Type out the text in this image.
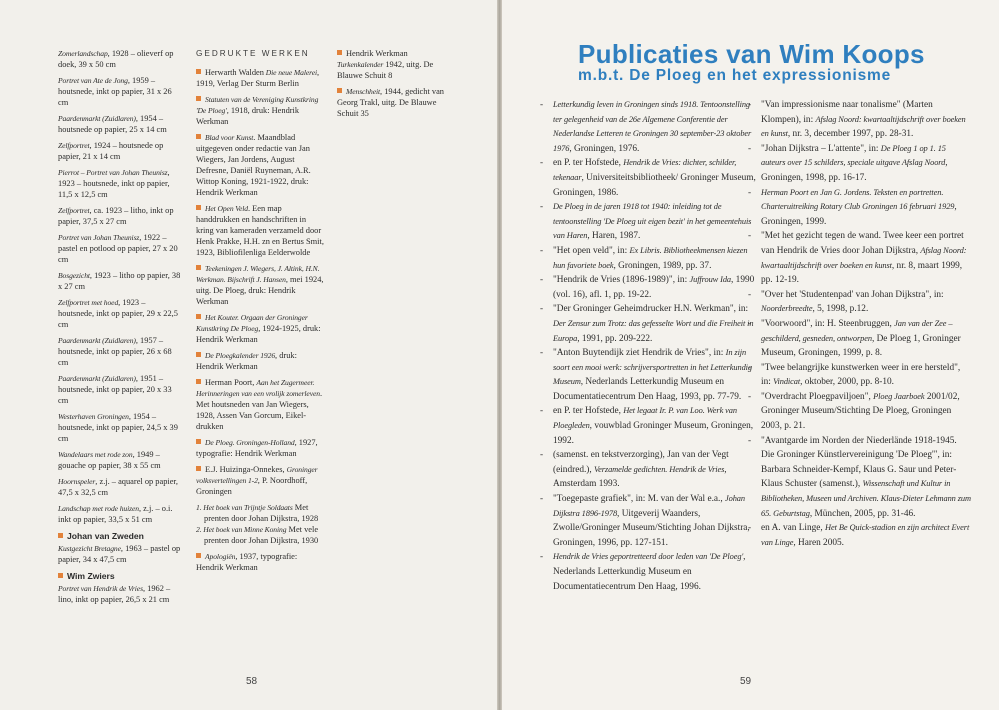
Zomerlandschap, 1928 – olieverf op doek, 39 x 50 cm
Portret van Ate de Jong, 1959 – houtsnede, inkt op papier, 31 x 26 cm
Paardenmarkt (Zuidlaren), 1954 – houtsnede op papier, 25 x 14 cm
Zelfportret, 1924 – houtsnede op papier, 21 x 14 cm
Pierrot – Portret van Johan Theunisz, 1923 – houtsnede, inkt op papier, 11,5 x 12,5 cm
Zelfportret, ca. 1923 – litho, inkt op papier, 37,5 x 27 cm
Portret van Johan Theunisz, 1922 – pastel en potlood op papier, 27 x 20 cm
Bosgezicht, 1923 – litho op papier, 38 x 27 cm
Zelfportret met hoed, 1923 – houtsnede, inkt op papier, 29 x 22,5 cm
Paardenmarkt (Zuidlaren), 1957 – houtsnede, inkt op papier, 26 x 68 cm
Paardenmarkt (Zuidlaren), 1951 – houtsnede, inkt op papier, 20 x 33 cm
Westerhaven Groningen, 1954 – houtsnede, inkt op papier, 24,5 x 39 cm
Wandelaars met rode zon, 1949 – gouache op papier, 38 x 55 cm
Hoornspeler, z.j. – aquarel op papier, 47,5 x 32,5 cm
Landschap met rode huizen, z.j. – o.i. inkt op papier, 33,5 x 51 cm
Johan van Zweden
Kustgezicht Bretagne, 1963 – pastel op papier, 34 x 47,5 cm
Wim Zwiers
Portret van Hendrik de Vries, 1962 – lino, inkt op papier, 26,5 x 21 cm
GEDRUKTE WERKEN
Herwarth Walden Die neue Malerei, 1919, Verlag Der Sturm Berlin
Statuten van de Vereniging Kunstkring 'De Ploeg', 1918, druk: Hendrik Werkman
Blad voor Kunst. Maandblad uitgegeven onder redactie van Jan Wiegers, Jan Jordens, August Defresne, Daniël Ruyneman, A.R. Wittop Koning, 1921-1922, druk: Hendrik Werkman
Het Open Veld. Een map handdrukken en handschriften in kring van kameraden verzameld door Henk Prakke, H.H. zn en Bertus Smit, 1923, Bibliofilenliga Eelderwolde
Teekeningen J. Wiegers, J. Altink, H.N. Werkman. Bijschrift J. Hansen, mei 1924, uitg. De Ploeg, druk: Hendrik Werkman
Het Kouter. Orgaan der Groninger Kunstkring De Ploeg, 1924-1925, druk: Hendrik Werkman
De Ploegkalender 1926, druk: Hendrik Werkman
Herman Poort, Aan het Zugermeer. Herinneringen van een vrolijk zomerleven. Met houtsneden van Jan Wiegers, 1928, Assen Van Gorcum, Eikel-drukken
De Ploeg. Groningen-Holland, 1927, typografie: Hendrik Werkman
E.J. Huizinga-Onnekes, Groninger volksvertellingen 1-2, P. Noordhoff, Groningen
1. Het boek van Trijntje Soldaats Met prenten door Johan Dijkstra, 1928
2. Het boek van Minne Koning Met vele prenten door Johan Dijkstra, 1930
Apologiën, 1937, typografie: Hendrik Werkman
Hendrik Werkman Turkenkalender 1942, uitg. De Blauwe Schuit 8
Menschheit, 1944, gedicht van Georg Trakl, uitg. De Blauwe Schuit 35
58
Publicaties van Wim Koops
m.b.t. De Ploeg en het expressionisme
- Letterkundig leven in Groningen sinds 1918. Tentoonstelling ter gelegenheid van de 26e Algemene Conferentie der Nederlandse Letteren te Groningen 30 september-23 oktober 1976, Groningen, 1976.
- en P. ter Hofstede, Hendrik de Vries: dichter, schilder, tekenaar, Universiteitsbibliotheek/ Groninger Museum, Groningen, 1986.
- De Ploeg in de jaren 1918 tot 1940: inleiding tot de tentoonstelling 'De Ploeg uit eigen bezit' in het gemeentehuis van Haren, Haren, 1987.
- "Het open veld", in: Ex Libris. Bibliotheekmensen kiezen hun favoriete boek, Groningen, 1989, pp. 37.
- "Hendrik de Vries (1896-1989)", in: Juffrouw Ida, 1990 (vol. 16), afl. 1, pp. 19-22.
- "Der Groninger Geheimdrucker H.N. Werkman", in: Der Zensur zum Trotz: das gefesselte Wort und die Freiheit in Europa, 1991, pp. 209-222.
- "Anton Buytendijk ziet Hendrik de Vries", in: In zijn soort een mooi werk: schrijversportretten in het Letterkundig Museum, Nederlands Letterkundig Museum en Documentatiecentrum Den Haag, 1993, pp. 77-79.
- en P. ter Hofstede, Het legaat Ir. P. van Loo. Werk van Ploegleden, vouwblad Groninger Museum, Groningen, 1992.
- (samenst. en tekstverzorging), Jan van der Vegt (eindred.), Verzamelde gedichten. Hendrik de Vries, Amsterdam 1993.
- "Toegepaste grafiek", in: M. van der Wal e.a., Johan Dijkstra 1896-1978, Uitgeverij Waanders, Zwolle/Groninger Museum/Stichting Johan Dijkstra, Groningen, 1996, pp. 127-151.
- Hendrik de Vries geportretteerd door leden van 'De Ploeg', Nederlands Letterkundig Museum en Documentatiecentrum Den Haag, 1996.
- "Van impressionisme naar tonalisme" (Marten Klompen), in: Afslag Noord: kwartaaltijdschrift over boeken en kunst, nr. 3, december 1997, pp. 28-31.
- "Johan Dijkstra – L'attente", in: De Ploeg 1 op 1. 15 auteurs over 15 schilders, speciale uitgave Afslag Noord, Groningen, 1998, pp. 16-17.
- Herman Poort en Jan G. Jordens. Teksten en portretten. Charteruitreiking Rotary Club Groningen 16 februari 1929, Groningen, 1999.
- "Met het gezicht tegen de wand. Twee keer een portret van Hendrik de Vries door Johan Dijkstra, Afslag Noord: kwartaaltijdschrift over boeken en kunst, nr. 8, maart 1999, pp. 12-19.
- "Over het 'Studentenpad' van Johan Dijkstra", in: Noorderbreedte, 5, 1998, p.12.
- "Voorwoord", in: H. Steenbruggen, Jan van der Zee – geschilderd, gesneden, ontworpen, De Ploeg 1, Groninger Museum, Groningen, 1999, p. 8.
- "Twee belangrijke kunstwerken weer in ere hersteld", in: Vindicat, oktober, 2000, pp. 8-10.
- "Overdracht Ploegpaviljoen", Ploeg Jaarboek 2001/02, Groninger Museum/Stichting De Ploeg, Groningen 2003, p. 21.
- "Avantgarde im Norden der Niederlände 1918-1945. Die Groninger Künstlervereinigung 'De Ploeg'", in: Barbara Schneider-Kempf, Klaus G. Saur und Peter-Klaus Schuster (samenst.), Wissenschaft und Kultur in Bibliotheken, Museen und Archiven. Klaus-Dieter Lehmann zum 65. Geburtstag, München, 2005, pp. 31-46.
- en A. van Linge, Het Be Quick-stadion en zijn architect Evert van Linge, Haren 2005.
59
